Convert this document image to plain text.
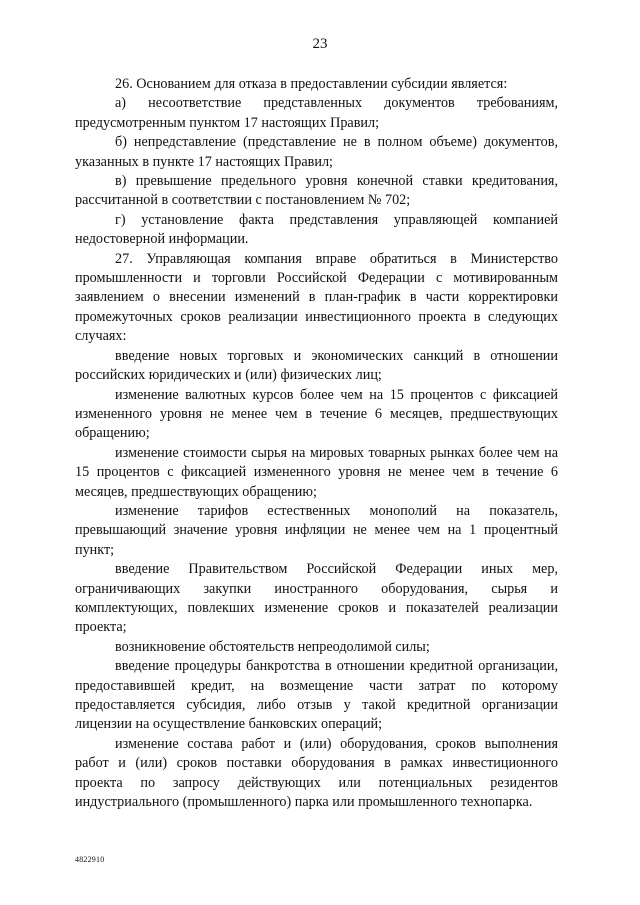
23

26. Основанием для отказа в предоставлении субсидии является:

а) несоответствие представленных документов требованиям, предусмотренным пунктом 17 настоящих Правил;

б) непредставление (представление не в полном объеме) документов, указанных в пункте 17 настоящих Правил;

в) превышение предельного уровня конечной ставки кредитования, рассчитанной в соответствии с постановлением № 702;

г) установление факта представления управляющей компанией недостоверной информации.

27. Управляющая компания вправе обратиться в Министерство промышленности и торговли Российской Федерации с мотивированным заявлением о внесении изменений в план-график в части корректировки промежуточных сроков реализации инвестиционного проекта в следующих случаях:

введение новых торговых и экономических санкций в отношении российских юридических и (или) физических лиц;

изменение валютных курсов более чем на 15 процентов с фиксацией измененного уровня не менее чем в течение 6 месяцев, предшествующих обращению;

изменение стоимости сырья на мировых товарных рынках более чем на 15 процентов с фиксацией измененного уровня не менее чем в течение 6 месяцев, предшествующих обращению;

изменение тарифов естественных монополий на показатель, превышающий значение уровня инфляции не менее чем на 1 процентный пункт;

введение Правительством Российской Федерации иных мер, ограничивающих закупки иностранного оборудования, сырья и комплектующих, повлекших изменение сроков и показателей реализации проекта;

возникновение обстоятельств непреодолимой силы;

введение процедуры банкротства в отношении кредитной организации, предоставившей кредит, на возмещение части затрат по которому предоставляется субсидия, либо отзыв у такой кредитной организации лицензии на осуществление банковских операций;

изменение состава работ и (или) оборудования, сроков выполнения работ и (или) сроков поставки оборудования в рамках инвестиционного проекта по запросу действующих или потенциальных резидентов индустриального (промышленного) парка или промышленного технопарка.

4822910
